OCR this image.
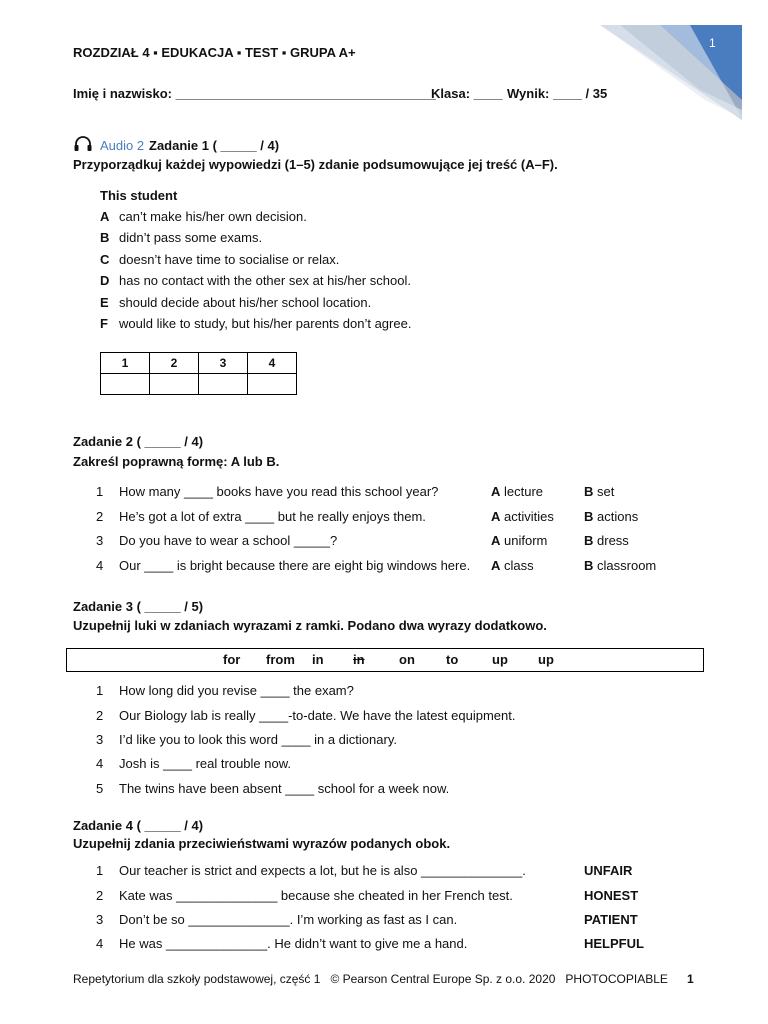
1
ROZDZIAŁ 4 ▪ EDUKACJA ▪ TEST ▪ GRUPA A+
Imię i nazwisko: ____________________________________
Klasa: ____ Wynik: ____ / 35
Audio 2 Zadanie 1 ( _____ / 4)
Przyporządkuj każdej wypowiedzi (1–5) zdanie podsumowujące jej treść (A–F).
This student
A can’t make his/her own decision.
B didn’t pass some exams.
C doesn’t have time to socialise or relax.
D has no contact with the other sex at his/her school.
E should decide about his/her school location.
F would like to study, but his/her parents don’t agree.
1	2	3	4

Zadanie 2 ( _____ / 4)
Zakreśl poprawną formę: A lub B.
1 How many ____ books have you read this school year?	A lecture	B set
2 He’s got a lot of extra ____ but he really enjoys them.	A activities B actions
3 Do you have to wear a school _____?	A uniform	B dress
4 Our ____ is bright because there are eight big windows here. A class	B classroom
Zadanie 3 ( _____ / 5)
Uzupełnij luki w zdaniach wyrazami z ramki. Podano dwa wyrazy dodatkowo.
for from in in	on to	up up
1 How long did you revise ____ the exam?
2 Our Biology lab is really ____-to-date. We have the latest equipment.
3 I’d like you to look this word ____ in a dictionary.
4 Josh is ____ real trouble now.
5 The twins have been absent ____ school for a week now.
Zadanie 4 ( _____ / 4)
Uzupełnij zdania przeciwieństwami wyrazów podanych obok.
1 Our teacher is strict and expects a lot, but he is also ______________.	UNFAIR
2 Kate was ______________ because she cheated in her French test.	HONEST
3 Don’t be so ______________. I’m working as fast as I can.	PATIENT
4 He was ______________. He didn’t want to give me a hand.	HELPFUL
Repetytorium dla szkoły podstawowej, część 1   © Pearson Central Europe Sp. z o.o. 2020   PHOTOCOPIABLE 1
